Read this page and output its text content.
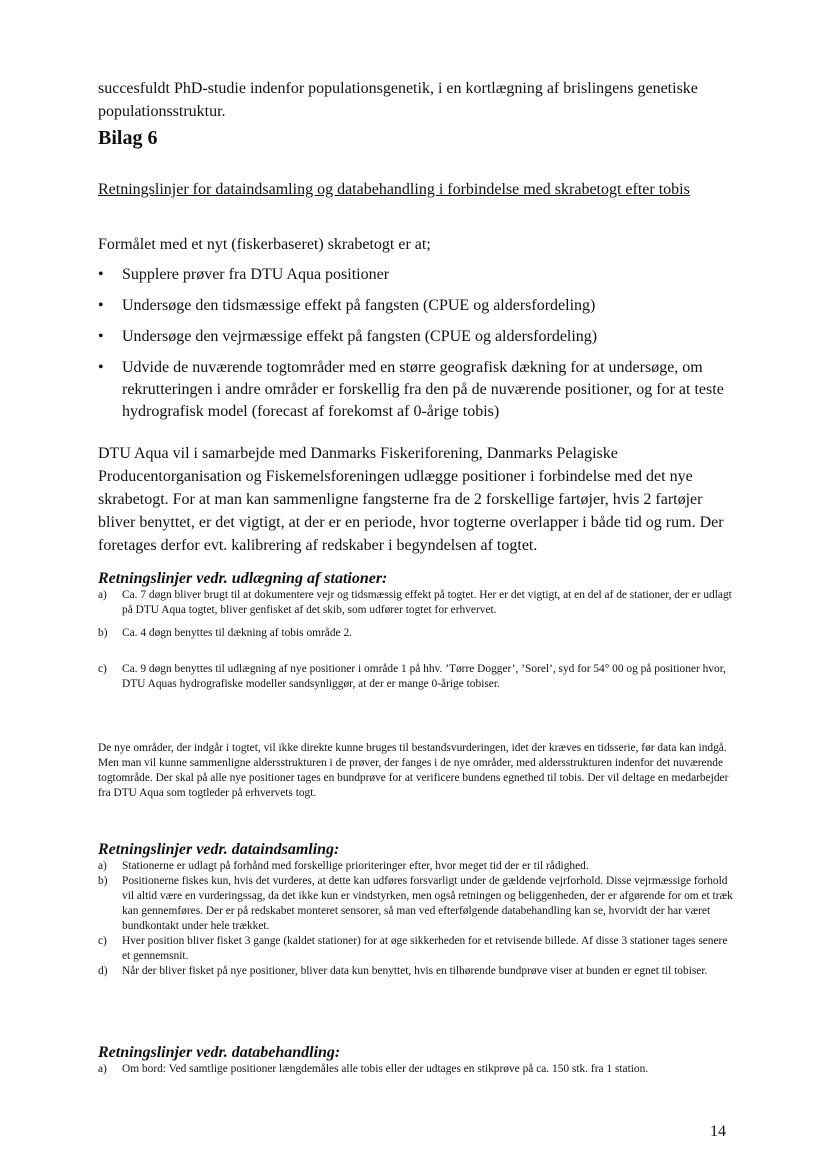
succesfuldt PhD-studie indenfor populationsgenetik, i en kortlægning af brislingens genetiske populationsstruktur.

Bilag 6
Retningslinjer for dataindsamling og databehandling i forbindelse med skrabetogt efter tobis

Formålet med et nyt (fiskerbaseret) skrabetogt er at;

•	Supplere prøver fra DTU Aqua positioner
•	Undersøge den tidsmæssige effekt på fangsten (CPUE og aldersfordeling)
•	Undersøge den vejrmæssige effekt på fangsten (CPUE og aldersfordeling)
•	Udvide de nuværende togtområder med en større geografisk dækning for at undersøge, om rekrutteringen i andre områder er forskellig fra den på de nuværende positioner, og for at teste hydrografisk model (forecast af forekomst af 0-årige tobis)

DTU Aqua vil i samarbejde med Danmarks Fiskeriforening, Danmarks Pelagiske Producentorganisation og Fiskemelsforeningen udlægge positioner i forbindelse med det nye skrabetogt. For at man kan sammenligne fangsterne fra de 2 forskellige fartøjer, hvis 2 fartøjer bliver benyttet, er det vigtigt, at der er en periode, hvor togterne overlapper i både tid og rum. Der foretages derfor evt. kalibrering af redskaber i begyndelsen af togtet.

Retningslinjer vedr. udlægning af stationer:
a)	Ca. 7 døgn bliver brugt til at dokumentere vejr og tidsmæssig effekt på togtet. Her er det vigtigt, at en del af de stationer, der er udlagt på DTU Aqua togtet, bliver genfisket af det skib, som udfører togtet for erhvervet.
b)	Ca. 4 døgn benyttes til dækning af tobis område 2.
c)	Ca. 9 døgn benyttes til udlægning af nye positioner i område 1 på hhv. ’Tørre Dogger’, ’Sorel’, syd for 54° 00 og på positioner hvor, DTU Aquas hydrografiske modeller sandsynliggør, at der er mange 0-årige tobiser.

De nye områder, der indgår i togtet, vil ikke direkte kunne bruges til bestandsvurderingen, idet der kræves en tidsserie, før data kan indgå. Men man vil kunne sammenligne aldersstrukturen i de prøver, der fanges i de nye områder, med aldersstrukturen indenfor det nuværende togtområde. Der skal på alle nye positioner tages en bundprøve for at verificere bundens egnethed til tobis. Der vil deltage en medarbejder fra DTU Aqua som togtleder på erhvervets togt.

Retningslinjer vedr. dataindsamling:
a)	Stationerne er udlagt på forhånd med forskellige prioriteringer efter, hvor meget tid der er til rådighed.
b)	Positionerne fiskes kun, hvis det vurderes, at dette kan udføres forsvarligt under de gældende vejrforhold. Disse vejrmæssige forhold vil altid være en vurderingssag, da det ikke kun er vindstyrken, men også retningen og beliggenheden, der er afgørende for om et træk kan gennemføres. Der er på redskabet monteret sensorer, så man ved efterfølgende databehandling kan se, hvorvidt der har været bundkontakt under hele trækket.
c)	Hver position bliver fisket 3 gange (kaldet stationer) for at øge sikkerheden for et retvisende billede. Af disse 3 stationer tages senere et gennemsnit.
d)	Når der bliver fisket på nye positioner, bliver data kun benyttet, hvis en tilhørende bundprøve viser at bunden er egnet til tobiser.
Retningslinjer vedr. databehandling:
a)	Om bord: Ved samtlige positioner længdemåles alle tobis eller der udtages en stikprøve på ca. 150 stk. fra 1 station.
14
